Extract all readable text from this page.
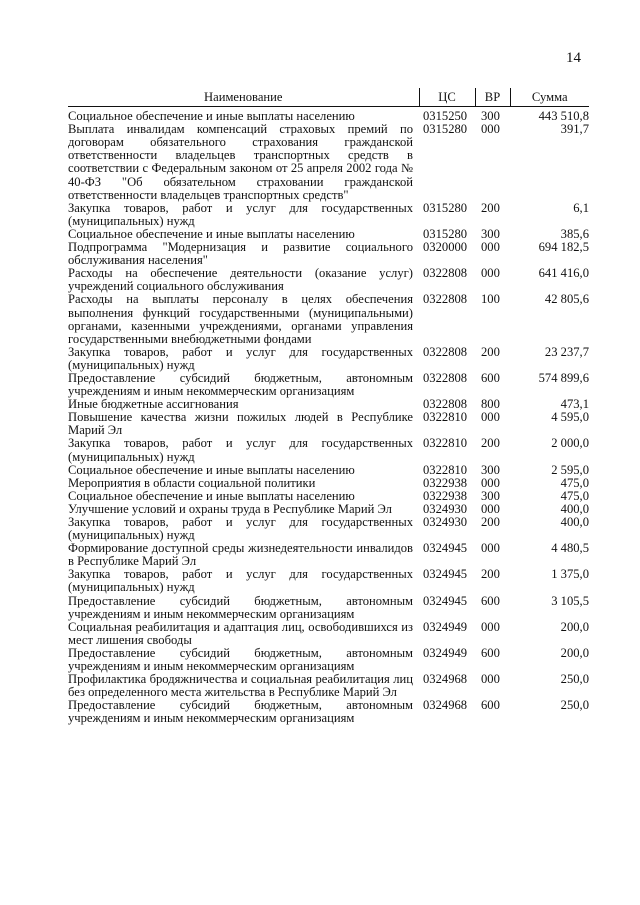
14
Наименование	ЦС	ВР	Сумма
Социальное обеспечение и иные выплаты населению	0315250	300	443 510,8
Выплата инвалидам компенсаций страховых премий по договорам обязательного страхования гражданской ответственности владельцев транспортных средств в соответствии с Федеральным законом от 25 апреля 2002 года № 40-ФЗ "Об обязательном страховании гражданской ответственности владельцев транспортных средств"	0315280	000	391,7
Закупка товаров, работ и услуг для государственных (муниципальных) нужд	0315280	200	6,1
Социальное обеспечение и иные выплаты населению	0315280	300	385,6
Подпрограмма "Модернизация и развитие социального обслуживания населения"	0320000	000	694 182,5
Расходы на обеспечение деятельности (оказание услуг) учреждений социального обслуживания	0322808	000	641 416,0
Расходы на выплаты персоналу в целях обеспечения выполнения функций государственными (муниципальными) органами, казенными учреждениями, органами управления государственными внебюджетными фондами	0322808	100	42 805,6
Закупка товаров, работ и услуг для государственных (муниципальных) нужд	0322808	200	23 237,7
Предоставление субсидий бюджетным, автономным учреждениям и иным некоммерческим организациям	0322808	600	574 899,6
Иные бюджетные ассигнования	0322808	800	473,1
Повышение качества жизни пожилых людей в Республике Марий Эл	0322810	000	4 595,0
Закупка товаров, работ и услуг для государственных (муниципальных) нужд	0322810	200	2 000,0
Социальное обеспечение и иные выплаты населению	0322810	300	2 595,0
Мероприятия в области социальной политики	0322938	000	475,0
Социальное обеспечение и иные выплаты населению	0322938	300	475,0
Улучшение условий и охраны труда в Республике Марий Эл	0324930	000	400,0
Закупка товаров, работ и услуг для государственных (муниципальных) нужд	0324930	200	400,0
Формирование доступной среды жизнедеятельности инвалидов в Республике Марий Эл	0324945	000	4 480,5
Закупка товаров, работ и услуг для государственных (муниципальных) нужд	0324945	200	1 375,0
Предоставление субсидий бюджетным, автономным учреждениям и иным некоммерческим организациям	0324945	600	3 105,5
Социальная реабилитация и адаптация лиц, освободившихся из мест лишения свободы	0324949	000	200,0
Предоставление субсидий бюджетным, автономным учреждениям и иным некоммерческим организациям	0324949	600	200,0
Профилактика бродяжничества и социальная реабилитация лиц без определенного места жительства в Республике Марий Эл	0324968	000	250,0
Предоставление субсидий бюджетным, автономным учреждениям и иным некоммерческим организациям	0324968	600	250,0
